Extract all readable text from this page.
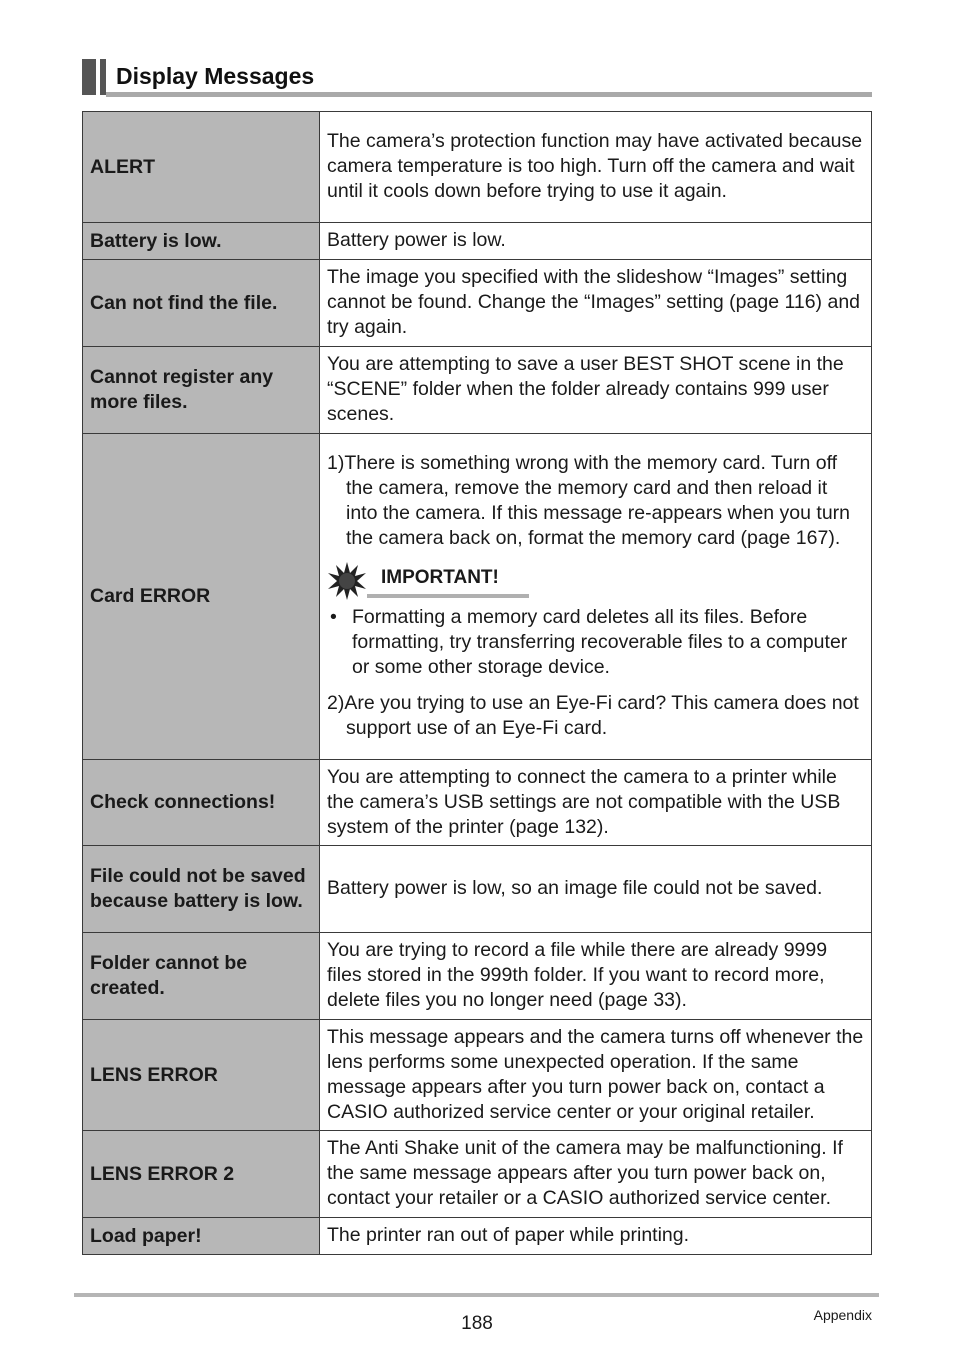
Display Messages
ALERT	The camera’s protection function may have activated because camera temperature is too high. Turn off the camera and wait until it cools down before trying to use it again.
Battery is low.	Battery power is low.
Can not find the file.	The image you specified with the slideshow “Images” setting cannot be found. Change the “Images” setting (page 116) and try again.
Cannot register any more files.	You are attempting to save a user BEST SHOT scene in the “SCENE” folder when the folder already contains 999 user scenes.
Card ERROR	1)There is something wrong with the memory card. Turn off the camera, remove the memory card and then reload it into the camera. If this message re-appears when you turn the camera back on, format the memory card (page 167).
IMPORTANT!
• Formatting a memory card deletes all its files. Before formatting, try transferring recoverable files to a computer or some other storage device.
2)Are you trying to use an Eye-Fi card? This camera does not support use of an Eye-Fi card.

Check connections!	You are attempting to connect the camera to a printer while the camera’s USB settings are not compatible with the USB system of the printer (page 132).
File could not be saved because battery is low.	Battery power is low, so an image file could not be saved.
Folder cannot be created.	You are trying to record a file while there are already 9999 files stored in the 999th folder. If you want to record more, delete files you no longer need (page 33).
LENS ERROR	This message appears and the camera turns off whenever the lens performs some unexpected operation. If the same message appears after you turn power back on, contact a CASIO authorized service center or your original retailer.
LENS ERROR 2	The Anti Shake unit of the camera may be malfunctioning. If the same message appears after you turn power back on, contact your retailer or a CASIO authorized service center.
Load paper!	The printer ran out of paper while printing.
188	Appendix
